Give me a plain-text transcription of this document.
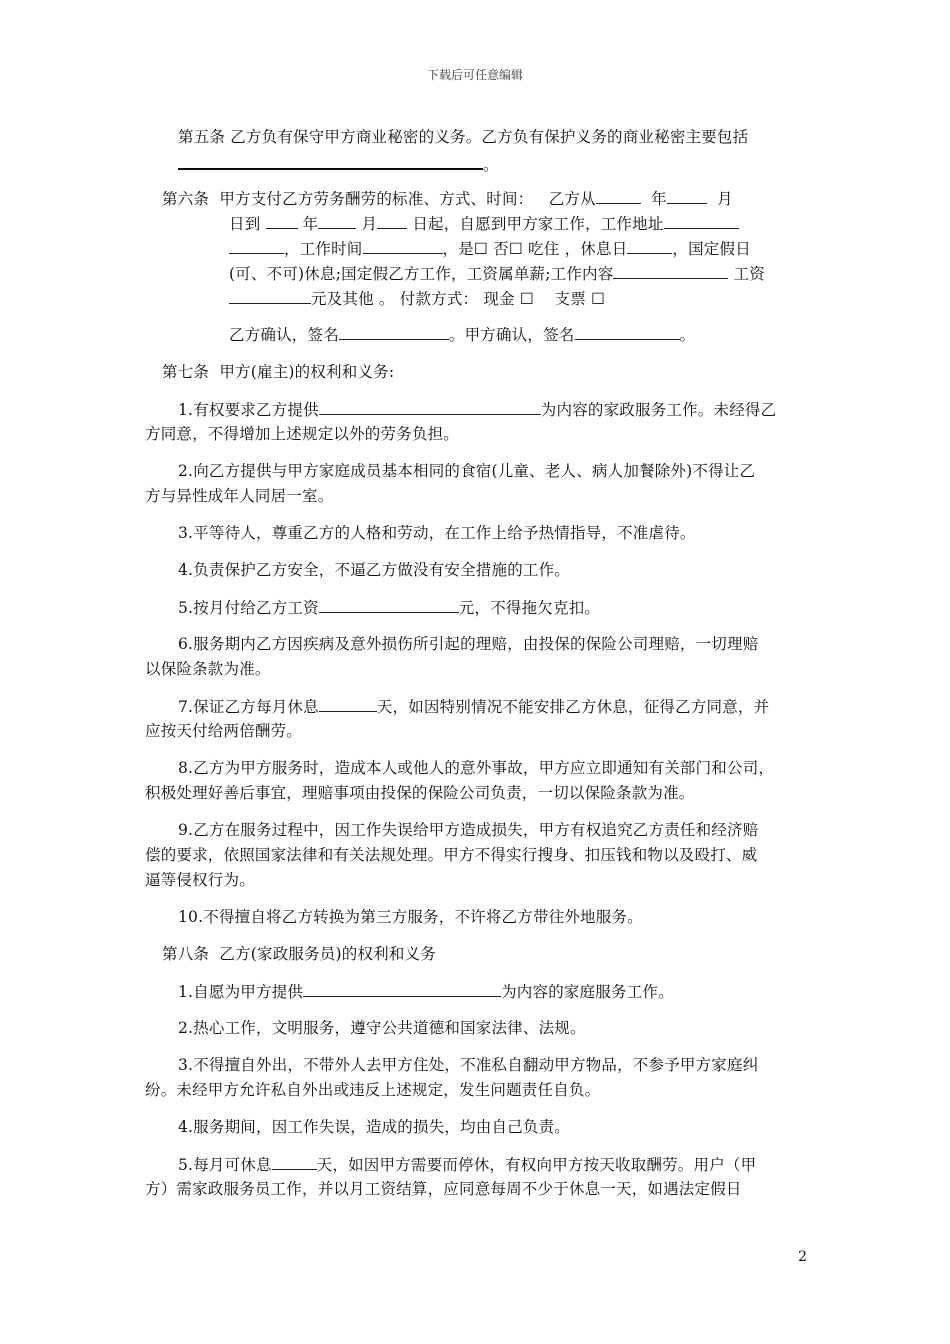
下载后可任意编辑

第五条 乙方负有保守甲方商业秘密的义务。乙方负有保护义务的商业秘密主要包括

。

第六条  甲方支付乙方劳务酬劳的标准、方式、时间：   乙方从	年	月

日到  年 月 日起，自愿到甲方家工作，工作地址

，工作时间	，是☐ 否☐ 吃住 ，休息日	，国定假日

(可、不可)休息;国定假乙方工作，工资属单薪;工作内容	工资

元及其他 。 付款方式： 现金 ☐    支票 ☐

乙方确认，签名	。甲方确认，签名	。

第七条  甲方(雇主)的权利和义务:

1.有权要求乙方提供	为内容的家政服务工作。未经得乙

方同意，不得增加上述规定以外的劳务负担。

2.向乙方提供与甲方家庭成员基本相同的食宿(儿童、老人、病人加餐除外)不得让乙

方与异性成年人同居一室。

3.平等待人，尊重乙方的人格和劳动，在工作上给予热情指导，不准虐待。

4.负责保护乙方安全，不逼乙方做没有安全措施的工作。

5.按月付给乙方工资	元，不得拖欠克扣。

6.服务期内乙方因疾病及意外损伤所引起的理赔，由投保的保险公司理赔，一切理赔

以保险条款为准。

7.保证乙方每月休息	天，如因特别情况不能安排乙方休息，征得乙方同意，并

应按天付给两倍酬劳。

8.乙方为甲方服务时，造成本人或他人的意外事故，甲方应立即通知有关部门和公司，

积极处理好善后事宜，理赔事项由投保的保险公司负责，一切以保险条款为准。

9.乙方在服务过程中，因工作失误给甲方造成损失，甲方有权追究乙方责任和经济赔

偿的要求，依照国家法律和有关法规处理。甲方不得实行搜身、扣压钱和物以及殴打、威

逼等侵权行为。

10.不得擅自将乙方转换为第三方服务，不许将乙方带往外地服务。

第八条  乙方(家政服务员)的权利和义务

1.自愿为甲方提供	为内容的家庭服务工作。

2.热心工作，文明服务，遵守公共道德和国家法律、法规。

3.不得擅自外出，不带外人去甲方住处，不准私自翻动甲方物品，不参予甲方家庭纠

纷。未经甲方允许私自外出或违反上述规定，发生问题责任自负。

4.服务期间，因工作失误，造成的损失，均由自己负责。

5.每月可休息	天，如因甲方需要而停休，有权向甲方按天收取酬劳。用户（甲

方）需家政服务员工作，并以月工资结算，应同意每周不少于休息一天，如遇法定假日

2
